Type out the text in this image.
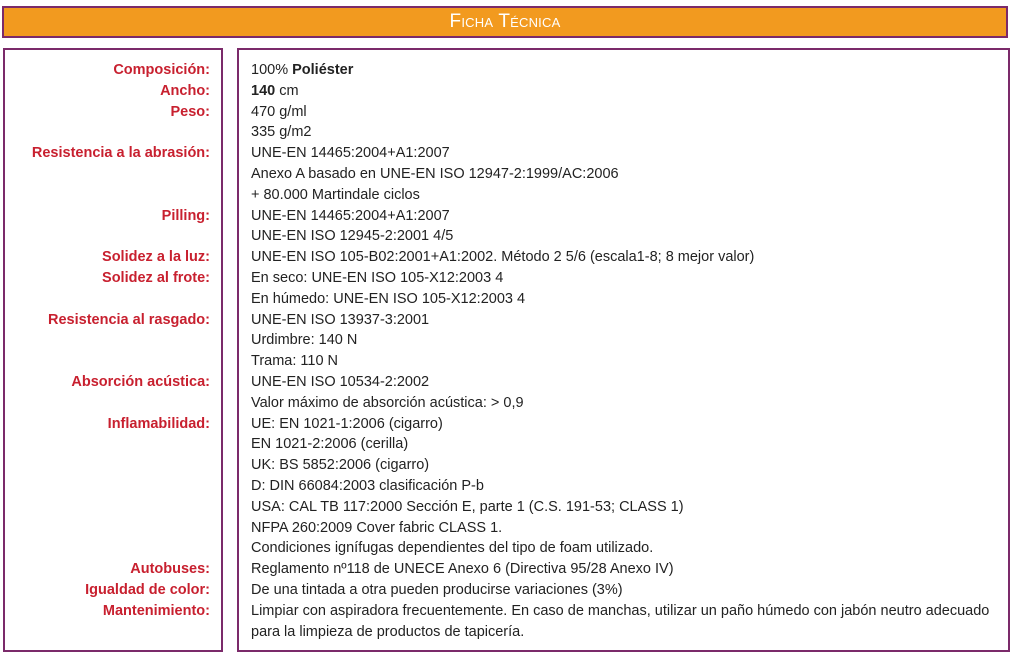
Ficha Técnica
Composición:
Ancho:
Peso:
Resistencia a la abrasión:
Pilling:
Solidez a la luz:
Solidez al frote:
Resistencia al rasgado:
Absorción acústica:
Inflamabilidad:
Autobuses:
Igualdad de color:
Mantenimiento:
100% Poliéster
140 cm
470 g/ml
335 g/m2
UNE-EN 14465:2004+A1:2007
Anexo A basado en UNE-EN ISO 12947-2:1999/AC:2006
+ 80.000 Martindale ciclos
UNE-EN 14465:2004+A1:2007
UNE-EN ISO 12945-2:2001 4/5
UNE-EN ISO 105-B02:2001+A1:2002. Método 2 5/6 (escala1-8; 8 mejor valor)
En seco: UNE-EN ISO 105-X12:2003 4
En húmedo: UNE-EN ISO 105-X12:2003 4
UNE-EN ISO 13937-3:2001
Urdimbre: 140 N
Trama: 110 N
UNE-EN ISO 10534-2:2002
Valor máximo de absorción acústica: > 0,9
UE: EN 1021-1:2006 (cigarro)
EN 1021-2:2006 (cerilla)
UK: BS 5852:2006 (cigarro)
D: DIN 66084:2003 clasificación P-b
USA: CAL TB 117:2000 Sección E, parte 1 (C.S. 191-53; CLASS 1)
NFPA 260:2009 Cover fabric CLASS 1.
Condiciones ignífugas dependientes del tipo de foam utilizado.
Reglamento nº118 de UNECE Anexo 6 (Directiva 95/28 Anexo IV)
De una tintada a otra pueden producirse variaciones (3%)
Limpiar con aspiradora frecuentemente. En caso de manchas, utilizar un paño húmedo con jabón neutro adecuado
para la limpieza de productos de tapicería.
